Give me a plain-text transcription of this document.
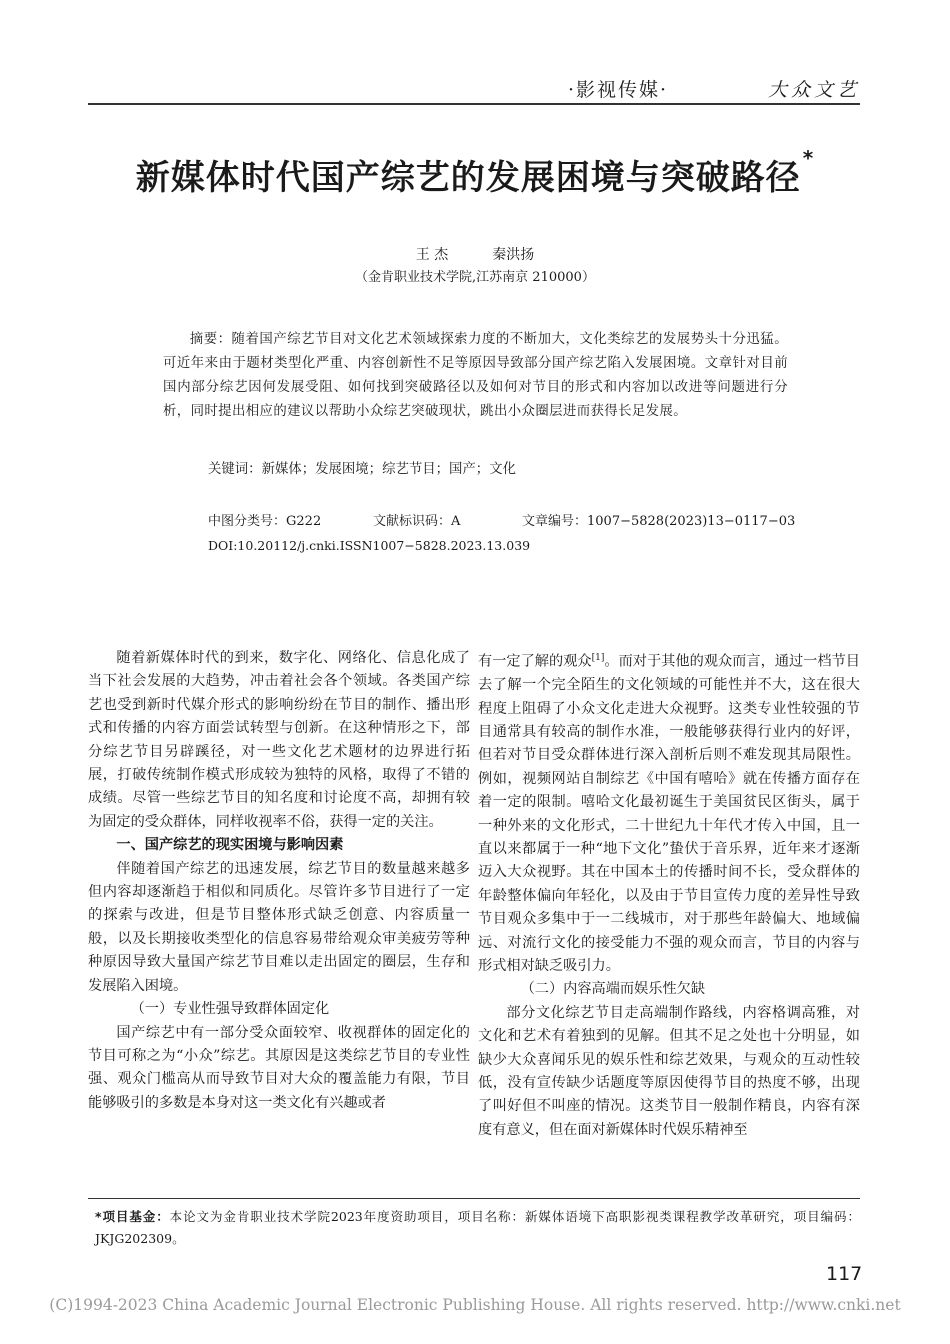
·影视传媒·	大众文艺
新媒体时代国产综艺的发展困境与突破路径 *
王 杰	秦洪扬
（金肯职业技术学院,江苏南京 210000）
摘要：随着国产综艺节目对文化艺术领域探索力度的不断加大，文化类综艺的发展势头十分迅猛。可近年来由于题材类型化严重、内容创新性不足等原因导致部分国产综艺陷入发展困境。文章针对目前国内部分综艺因何发展受阻、如何找到突破路径以及如何对节目的形式和内容加以改进等问题进行分析，同时提出相应的建议以帮助小众综艺突破现状，跳出小众圈层进而获得长足发展。
关键词：新媒体；发展困境；综艺节目；国产；文化
中图分类号：G222	文献标识码：A	文章编号：1007−5828(2023)13−0117−03
DOI:10.20112/j.cnki.ISSN1007−5828.2023.13.039

随着新媒体时代的到来，数字化、网络化、信息化成了当下社会发展的大趋势，冲击着社会各个领域。各类国产综艺也受到新时代媒介形式的影响纷纷在节目的制作、播出形式和传播的内容方面尝试转型与创新。在这种情形之下，部分综艺节目另辟蹊径，对一些文化艺术题材的边界进行拓展，打破传统制作模式形成较为独特的风格，取得了不错的成绩。尽管一些综艺节目的知名度和讨论度不高，却拥有较为固定的受众群体，同样收视率不俗，获得一定的关注。

一、国产综艺的现实困境与影响因素

伴随着国产综艺的迅速发展，综艺节目的数量越来越多但内容却逐渐趋于相似和同质化。尽管许多节目进行了一定的探索与改进，但是节目整体形式缺乏创意、内容质量一般，以及长期接收类型化的信息容易带给观众审美疲劳等种种原因导致大量国产综艺节目难以走出固定的圈层，生存和发展陷入困境。

（一）专业性强导致群体固定化

国产综艺中有一部分受众面较窄、收视群体的固定化的节目可称之为“小众”综艺。其原因是这类综艺节目的专业性强、观众门槛高从而导致节目对大众的覆盖能力有限，节目能够吸引的多数是本身对这一类文化有兴趣或者

有一定了解的观众[1]。而对于其他的观众而言，通过一档节目去了解一个完全陌生的文化领域的可能性并不大，这在很大程度上阻碍了小众文化走进大众视野。这类专业性较强的节目通常具有较高的制作水准，一般能够获得行业内的好评，但若对节目受众群体进行深入剖析后则不难发现其局限性。例如，视频网站自制综艺《中国有嘻哈》就在传播方面存在着一定的限制。嘻哈文化最初诞生于美国贫民区街头，属于一种外来的文化形式，二十世纪九十年代才传入中国，且一直以来都属于一种“地下文化”蛰伏于音乐界，近年来才逐渐迈入大众视野。其在中国本土的传播时间不长，受众群体的年龄整体偏向年轻化，以及由于节目宣传力度的差异性导致节目观众多集中于一二线城市，对于那些年龄偏大、地域偏远、对流行文化的接受能力不强的观众而言，节目的内容与形式相对缺乏吸引力。

（二）内容高端而娱乐性欠缺

部分文化综艺节目走高端制作路线，内容格调高雅，对文化和艺术有着独到的见解。但其不足之处也十分明显，如缺少大众喜闻乐见的娱乐性和综艺效果，与观众的互动性较低，没有宣传缺少话题度等原因使得节目的热度不够，出现了叫好但不叫座的情况。这类节目一般制作精良，内容有深度有意义，但在面对新媒体时代娱乐精神至

*项目基金：本论文为金肯职业技术学院2023年度资助项目，项目名称：新媒体语境下高职影视类课程教学改革研究，项目编码：JKJG202309。
117
(C)1994-2023 China Academic Journal Electronic Publishing House. All rights reserved. http://www.cnki.net
